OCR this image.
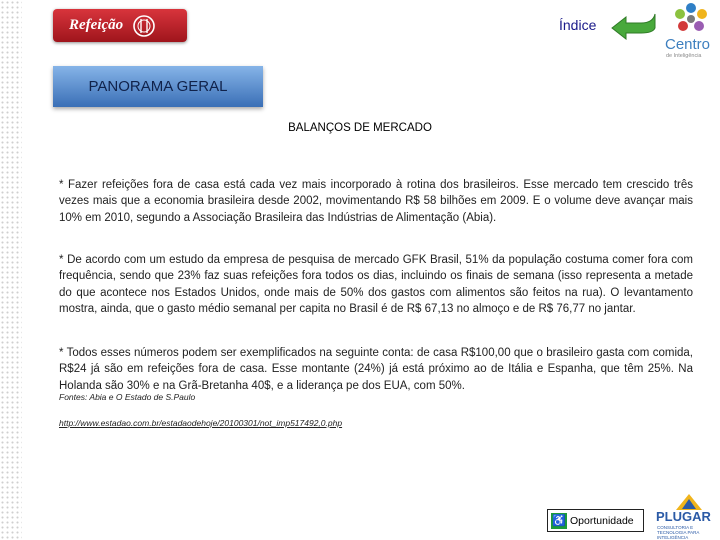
Refeição	Índice
Centro
de Inteligência
PANORAMA GERAL
BALANÇOS DE MERCADO

* Fazer refeições fora de casa está cada vez mais incorporado à rotina dos brasileiros. Esse mercado tem crescido três vezes mais que a economia brasileira desde 2002, movimentando R$ 58 bilhões em 2009. E o volume deve avançar mais 10% em 2010, segundo a Associação Brasileira das Indústrias de Alimentação (Abia).

* De acordo com um estudo da empresa de pesquisa de mercado GFK Brasil, 51% da população costuma comer fora com frequência, sendo que 23% faz suas refeições fora todos os dias, incluindo os finais de semana (isso representa a metade do que acontece nos Estados Unidos, onde mais de 50% dos gastos com alimentos são feitos na rua). O levantamento mostra, ainda, que o gasto médio semanal per capita no Brasil é de R$ 67,13 no almoço e de R$ 76,77 no jantar.

* Todos esses números podem ser exemplificados na seguinte conta: de casa R$100,00 que o brasileiro gasta com comida, R$24 já são em refeições fora de casa. Esse montante (24%) já está próximo ao de Itália e Espanha, que têm 25%. Na Holanda são 30% e na Grã-Bretanha 40$, e a liderança pe dos EUA, com 50%.

Fontes: Abia e O Estado de S.Paulo
http://www.estadao.com.br/estadaodehoje/20100301/not_imp517492,0.php
♿ Oportunidade PLUGAR
CONSULTORIA E TECNOLOGIA PARA INTELIGÊNCIA
